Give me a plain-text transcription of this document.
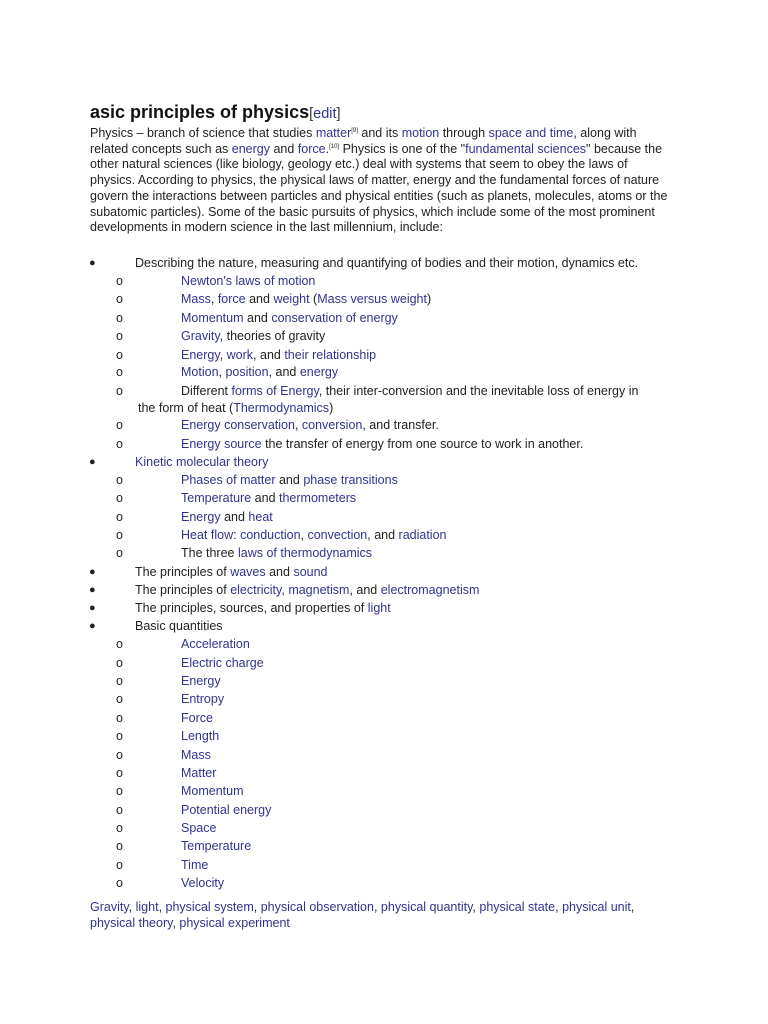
asic principles of physics[edit]

Physics – branch of science that studies matter[9] and its motion through space and time, along with related concepts such as energy and force.[10] Physics is one of the "fundamental sciences" because the other natural sciences (like biology, geology etc.) deal with systems that seem to obey the laws of physics. According to physics, the physical laws of matter, energy and the fundamental forces of nature govern the interactions between particles and physical entities (such as planets, molecules, atoms or the subatomic particles). Some of the basic pursuits of physics, which include some of the most prominent developments in modern science in the last millennium, include:

●	Describing the nature, measuring and quantifying of bodies and their motion, dynamics etc.
o	Newton's laws of motion
o	Mass, force and weight (Mass versus weight)
o	Momentum and conservation of energy
o	Gravity, theories of gravity
o	Energy, work, and their relationship
o	Motion, position, and energy
o	Different forms of Energy, their inter-conversion and the inevitable loss of energy in
the form of heat (Thermodynamics)
o	Energy conservation, conversion, and transfer.
o	Energy source the transfer of energy from one source to work in another.
●	Kinetic molecular theory
o	Phases of matter and phase transitions
o	Temperature and thermometers
o	Energy and heat
o	Heat flow: conduction, convection, and radiation
o	The three laws of thermodynamics
●	The principles of waves and sound
●	The principles of electricity, magnetism, and electromagnetism
●	The principles, sources, and properties of light
●	Basic quantities
o	Acceleration
o	Electric charge
o	Energy
o	Entropy
o	Force
o	Length
o	Mass
o	Matter
o	Momentum
o	Potential energy
o	Space
o	Temperature
o	Time
o	Velocity

Gravity, light, physical system, physical observation, physical quantity, physical state, physical unit, physical theory, physical experiment
